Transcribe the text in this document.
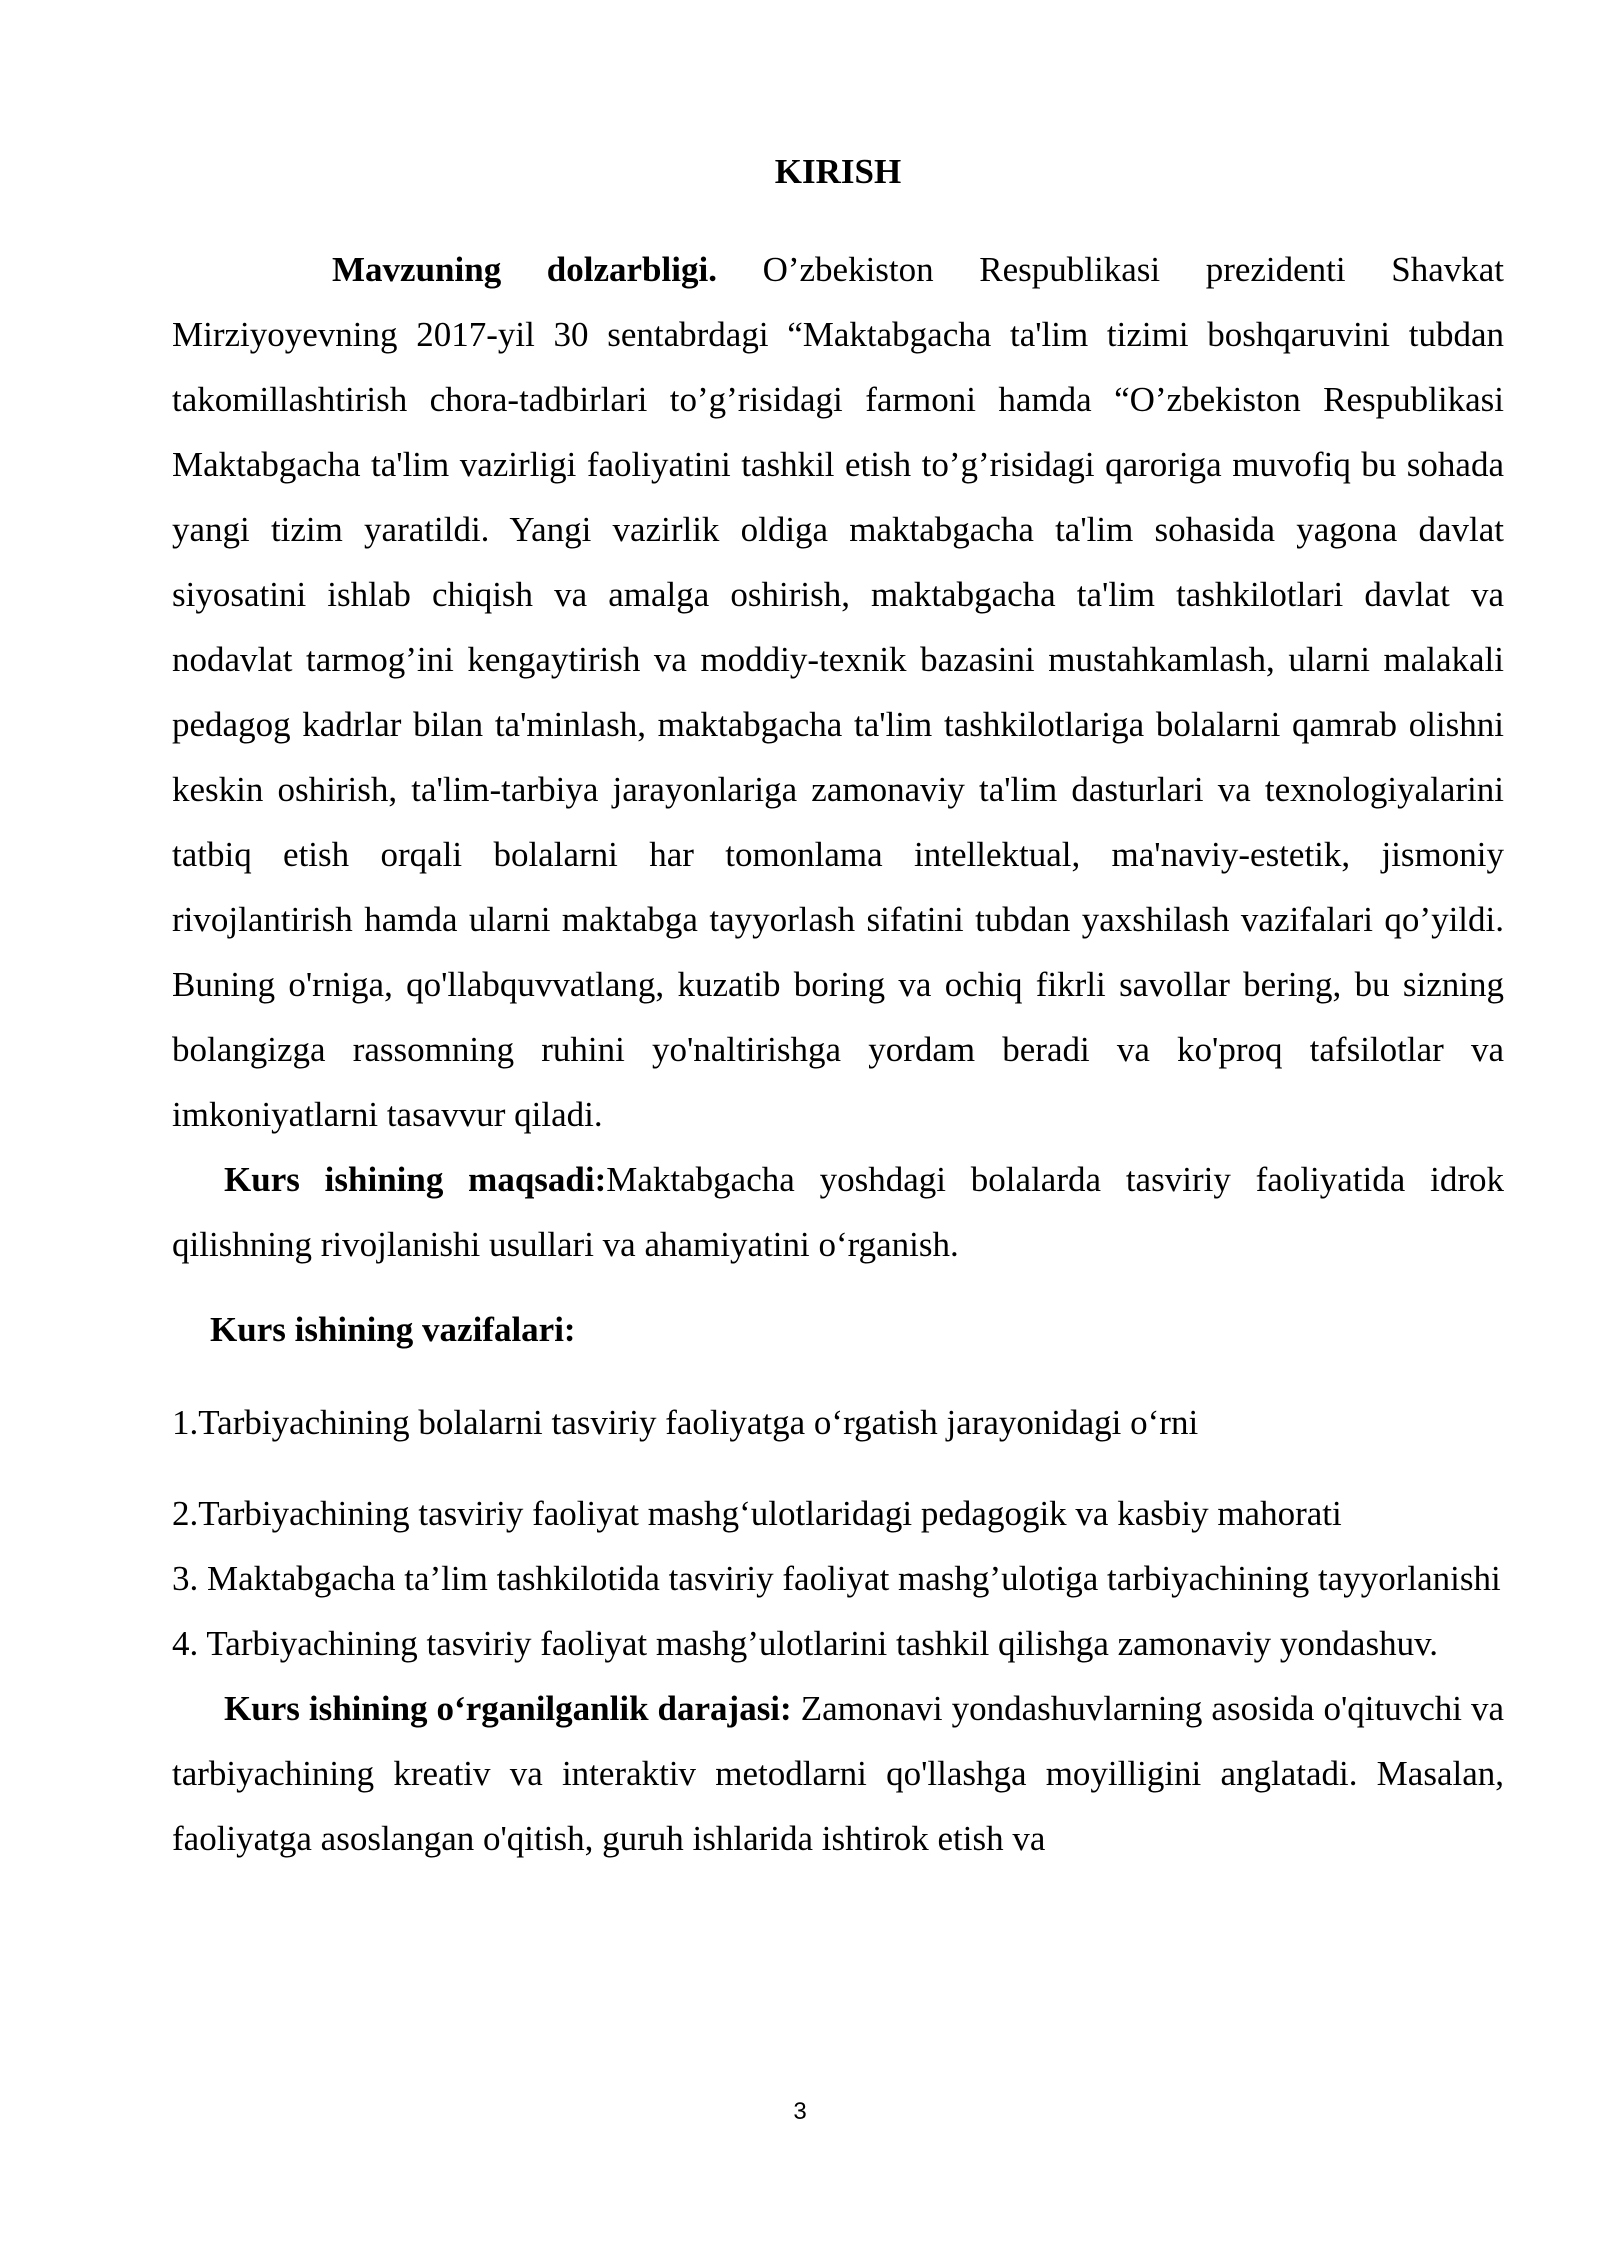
KIRISH

Mavzuning dolzarbligi. O’zbekiston Respublikasi prezidenti Shavkat Mirziyoyevning 2017-yil 30 sentabrdagi “Maktabgacha ta'lim tizimi boshqaruvini tubdan takomillashtirish chora-tadbirlari to’g’risidagi farmoni hamda “O’zbekiston Respublikasi Maktabgacha ta'lim vazirligi faoliyatini tashkil etish to’g’risidagi qaroriga muvofiq bu sohada yangi tizim yaratildi. Yangi vazirlik oldiga maktabgacha ta'lim sohasida yagona davlat siyosatini ishlab chiqish va amalga oshirish, maktabgacha ta'lim tashkilotlari davlat va nodavlat tarmog’ini kengaytirish va moddiy-texnik bazasini mustahkamlash, ularni malakali pedagog kadrlar bilan ta'minlash, maktabgacha ta'lim tashkilotlariga bolalarni qamrab olishni keskin oshirish, ta'lim-tarbiya jarayonlariga zamonaviy ta'lim dasturlari va texnologiyalarini tatbiq etish orqali bolalarni har tomonlama intellektual, ma'naviy-estetik, jismoniy rivojlantirish hamda ularni maktabga tayyorlash sifatini tubdan yaxshilash vazifalari qo’yildi. Buning o'rniga, qo'llabquvvatlang, kuzatib boring va ochiq fikrli savollar bering, bu sizning bolangizga rassomning ruhini yo'naltirishga yordam beradi va ko'proq tafsilotlar va imkoniyatlarni tasavvur qiladi.

Kurs ishining maqsadi:Maktabgacha yoshdagi bolalarda tasviriy faoliyatida idrok qilishning rivojlanishi usullari va ahamiyatini oʻrganish.

Kurs ishining vazifalari:

1.Tarbiyachining bolalarni tasviriy faoliyatga oʻrgatish jarayonidagi oʻrni

2.Tarbiyachining tasviriy faoliyat mashgʻulotlaridagi pedagogik va kasbiy mahorati

3. Maktabgacha ta’lim tashkilotida tasviriy faoliyat mashg’ulotiga tarbiyachining tayyorlanishi

4. Tarbiyachining tasviriy faoliyat mashg’ulotlarini tashkil qilishga zamonaviy yondashuv.

Kurs ishining oʻrganilganlik darajasi: Zamonavi yondashuvlarning asosida o'qituvchi va tarbiyachining kreativ va interaktiv metodlarni qo'llashga moyilligini anglatadi. Masalan, faoliyatga asoslangan o'qitish, guruh ishlarida ishtirok etish va

3
